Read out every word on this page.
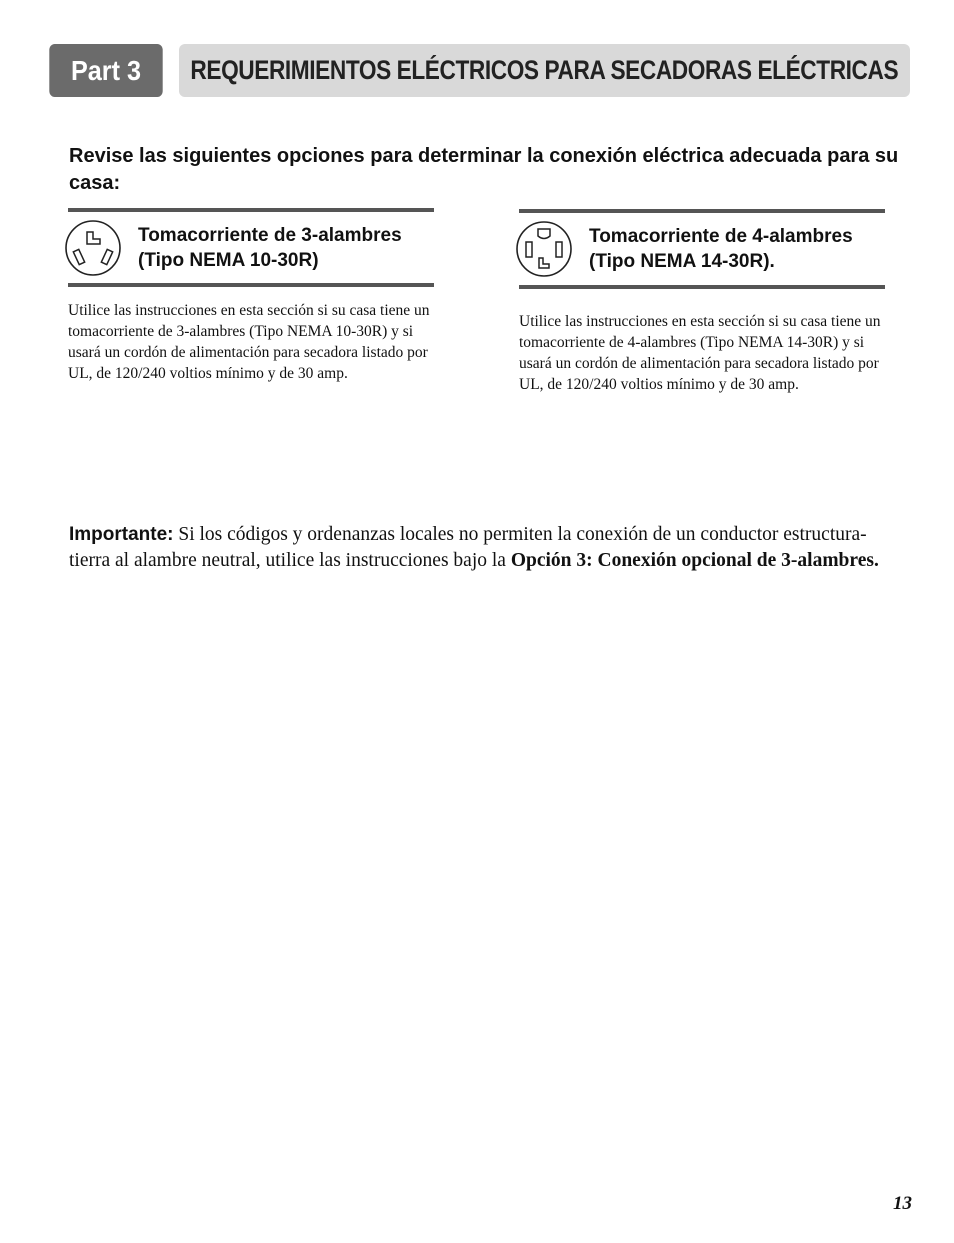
Part 3 REQUERIMIENTOS ELÉCTRICOS PARA SECADORAS ELÉCTRICAS
Revise las siguientes opciones para determinar la conexión eléctrica adecuada para su casa:
Tomacorriente de 3-alambres
(Tipo NEMA 10-30R)
Utilice las instrucciones en esta sección si su casa tiene un tomacorriente de 3-alambres (Tipo NEMA 10-30R) y si usará un cordón de alimentación para secadora listado por UL, de 120/240 voltios mínimo y de 30 amp.
Tomacorriente de 4-alambres
(Tipo NEMA 14-30R).
Utilice las instrucciones en esta sección si su casa tiene un tomacorriente de 4-alambres (Tipo NEMA 14-30R) y si usará un cordón de alimentación para secadora listado por UL, de 120/240 voltios mínimo y de 30 amp.
Importante: Si los códigos y ordenanzas locales no permiten la conexión de un conductor estructura-tierra al alambre neutral, utilice las instrucciones bajo la Opción 3: Conexión opcional de 3-alambres.
13
